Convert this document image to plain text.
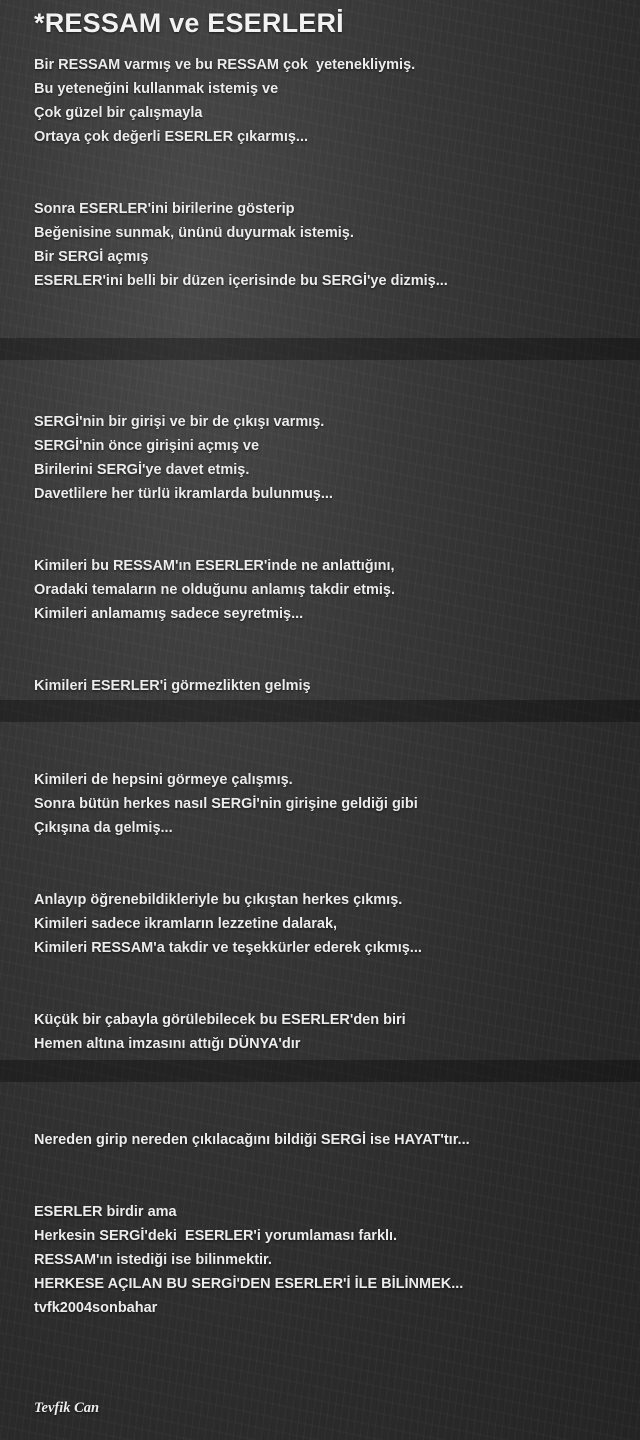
*RESSAM ve ESERLERİ

Bir RESSAM varmış ve bu RESSAM çok  yetenekliymiş.

Bu yeteneğini kullanmak istemiş ve

Çok güzel bir çalışmayla

Ortaya çok değerli ESERLER çıkarmış...

Sonra ESERLER'ini birilerine gösterip

Beğenisine sunmak, ününü duyurmak istemiş.

Bir SERGİ açmış

ESERLER'ini belli bir düzen içerisinde bu SERGİ'ye dizmiş...

SERGİ'nin bir girişi ve bir de çıkışı varmış.

SERGİ'nin önce girişini açmış ve

Birilerini SERGİ'ye davet etmiş.

Davetlilere her türlü ikramlarda bulunmuş...

Kimileri bu RESSAM'ın ESERLER'inde ne anlattığını,

Oradaki temaların ne olduğunu anlamış takdir etmiş.

Kimileri anlamamış sadece seyretmiş...

Kimileri ESERLER'i görmezlikten gelmiş

Kimileri de hepsini görmeye çalışmış.

Sonra bütün herkes nasıl SERGİ'nin girişine geldiği gibi

Çıkışına da gelmiş...

Anlayıp öğrenebildikleriyle bu çıkıştan herkes çıkmış.

Kimileri sadece ikramların lezzetine dalarak,

Kimileri RESSAM'a takdir ve teşekkürler ederek çıkmış...

Küçük bir çabayla görülebilecek bu ESERLER'den biri

Hemen altına imzasını attığı DÜNYA'dır

Nereden girip nereden çıkılacağını bildiği SERGİ ise HAYAT'tır...

ESERLER birdir ama

Herkesin SERGİ'deki  ESERLER'i yorumlaması farklı.

RESSAM'ın istediği ise bilinmektir.

HERKESE AÇILAN BU SERGİ'DEN ESERLER'İ İLE BİLİNMEK...

tvfk2004sonbahar

Tevfik Can
